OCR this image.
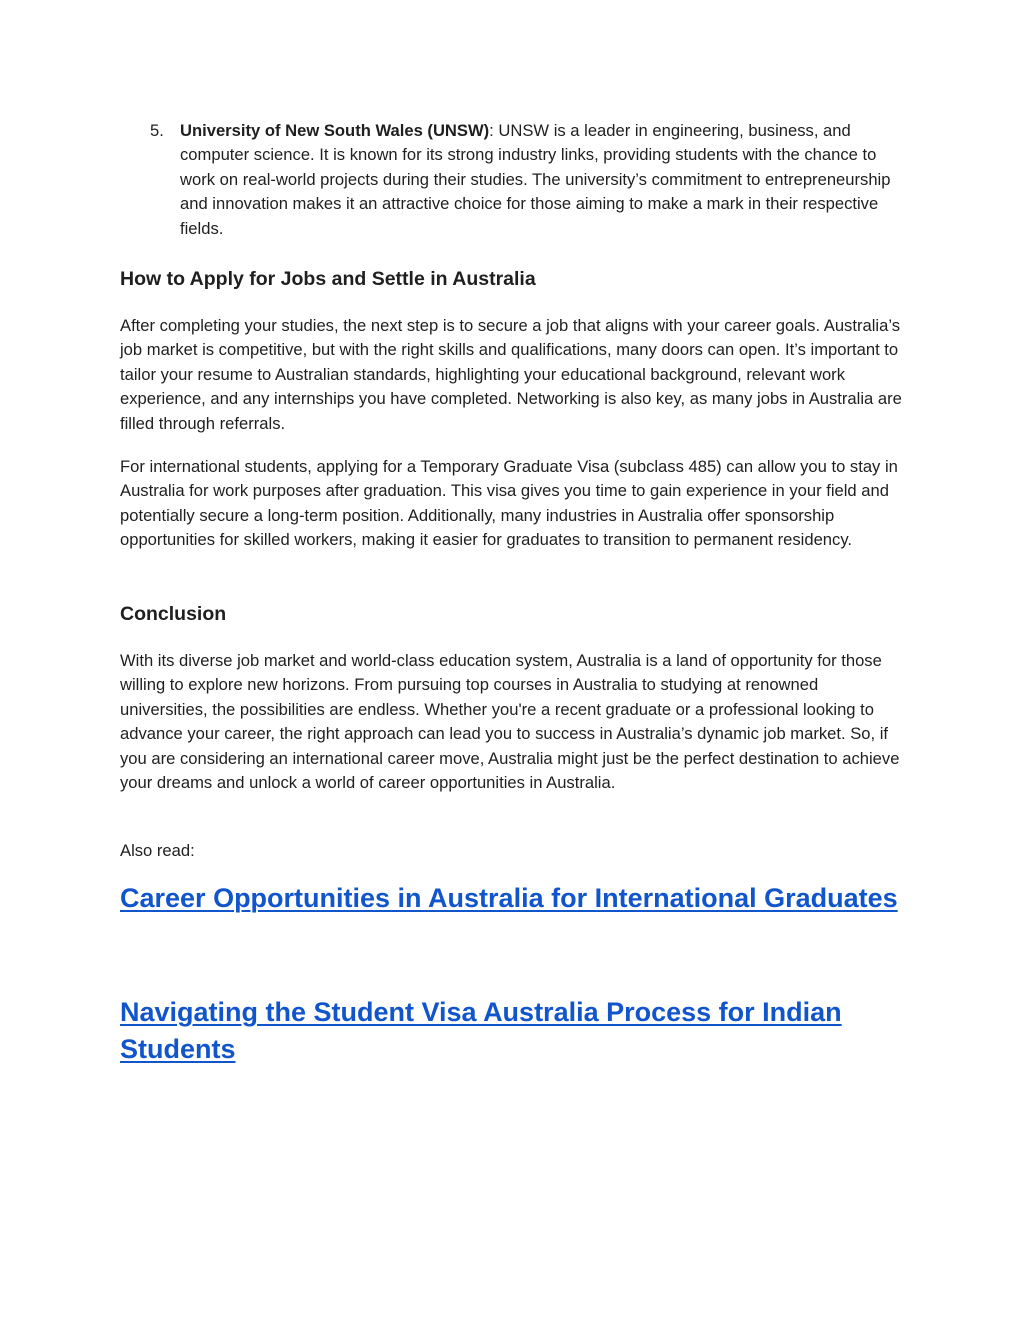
5. University of New South Wales (UNSW): UNSW is a leader in engineering, business, and computer science. It is known for its strong industry links, providing students with the chance to work on real-world projects during their studies. The university’s commitment to entrepreneurship and innovation makes it an attractive choice for those aiming to make a mark in their respective fields.
How to Apply for Jobs and Settle in Australia

After completing your studies, the next step is to secure a job that aligns with your career goals. Australia’s job market is competitive, but with the right skills and qualifications, many doors can open. It’s important to tailor your resume to Australian standards, highlighting your educational background, relevant work experience, and any internships you have completed. Networking is also key, as many jobs in Australia are filled through referrals.

For international students, applying for a Temporary Graduate Visa (subclass 485) can allow you to stay in Australia for work purposes after graduation. This visa gives you time to gain experience in your field and potentially secure a long-term position. Additionally, many industries in Australia offer sponsorship opportunities for skilled workers, making it easier for graduates to transition to permanent residency.

Conclusion

With its diverse job market and world-class education system, Australia is a land of opportunity for those willing to explore new horizons. From pursuing top courses in Australia to studying at renowned universities, the possibilities are endless. Whether you're a recent graduate or a professional looking to advance your career, the right approach can lead you to success in Australia’s dynamic job market. So, if you are considering an international career move, Australia might just be the perfect destination to achieve your dreams and unlock a world of career opportunities in Australia.

Also read:

Career Opportunities in Australia for International Graduates
Navigating the Student Visa Australia Process for Indian Students
